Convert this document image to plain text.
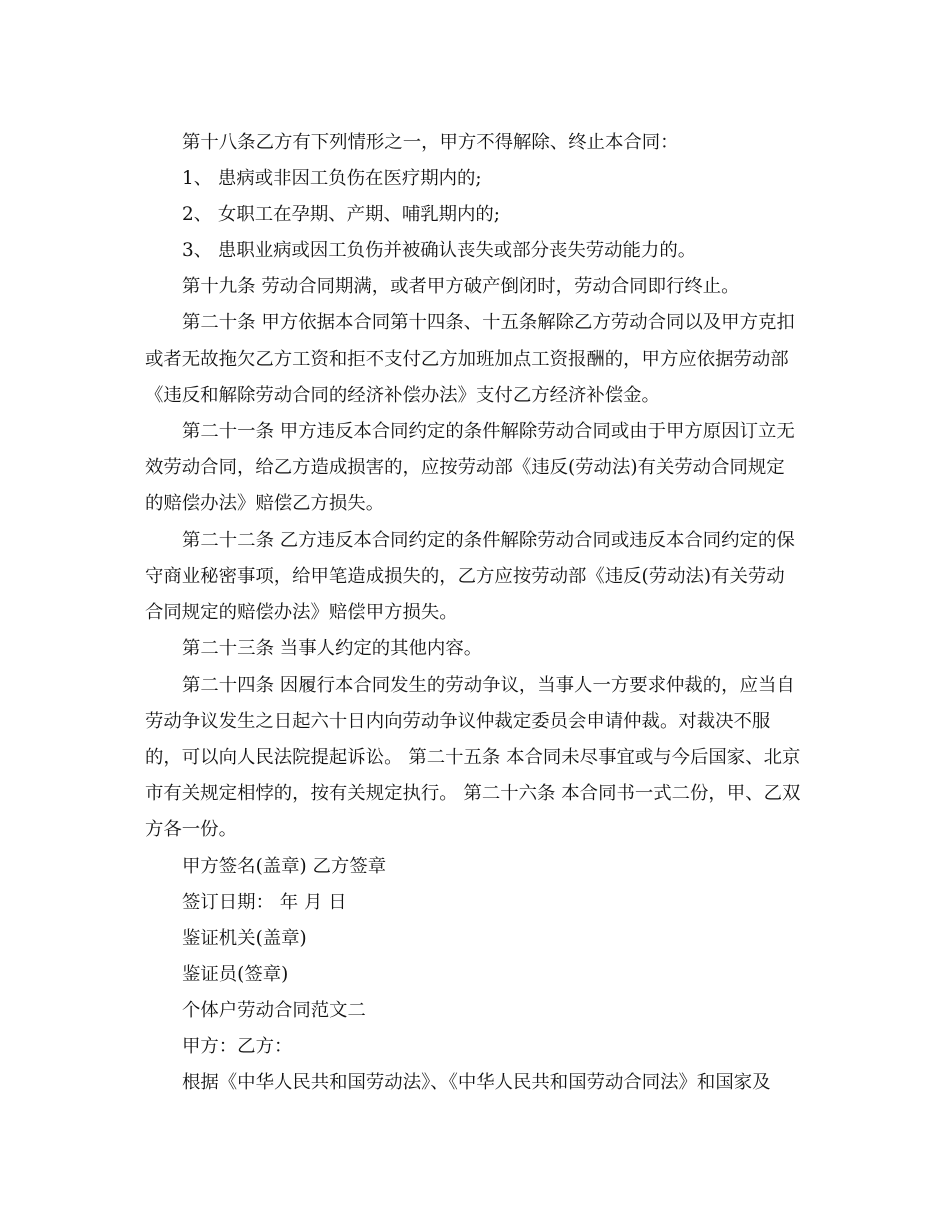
第十八条乙方有下列情形之一，甲方不得解除、终止本合同：
1、 患病或非因工负伤在医疗期内的;
2、 女职工在孕期、产期、哺乳期内的;
3、 患职业病或因工负伤并被确认丧失或部分丧失劳动能力的。
第十九条 劳动合同期满，或者甲方破产倒闭时，劳动合同即行终止。
第二十条 甲方依据本合同第十四条、十五条解除乙方劳动合同以及甲方克扣
或者无故拖欠乙方工资和拒不支付乙方加班加点工资报酬的，甲方应依据劳动部
《违反和解除劳动合同的经济补偿办法》支付乙方经济补偿金。
第二十一条 甲方违反本合同约定的条件解除劳动合同或由于甲方原因订立无
效劳动合同，给乙方造成损害的，应按劳动部《违反(劳动法)有关劳动合同规定
的赔偿办法》赔偿乙方损失。
第二十二条 乙方违反本合同约定的条件解除劳动合同或违反本合同约定的保
守商业秘密事项，给甲笔造成损失的，乙方应按劳动部《违反(劳动法)有关劳动
合同规定的赔偿办法》赔偿甲方损失。
第二十三条 当事人约定的其他内容。
第二十四条 因履行本合同发生的劳动争议，当事人一方要求仲裁的，应当自
劳动争议发生之日起六十日内向劳动争议仲裁定委员会申请仲裁。对裁决不服
的，可以向人民法院提起诉讼。 第二十五条 本合同未尽事宜或与今后国家、北京
市有关规定相悖的，按有关规定执行。 第二十六条 本合同书一式二份，甲、乙双
方各一份。
甲方签名(盖章) 乙方签章
签订日期： 年 月 日
鉴证机关(盖章)
鉴证员(签章)
个体户劳动合同范文二
甲方：乙方：
根据《中华人民共和国劳动法》、《中华人民共和国劳动合同法》和国家及
